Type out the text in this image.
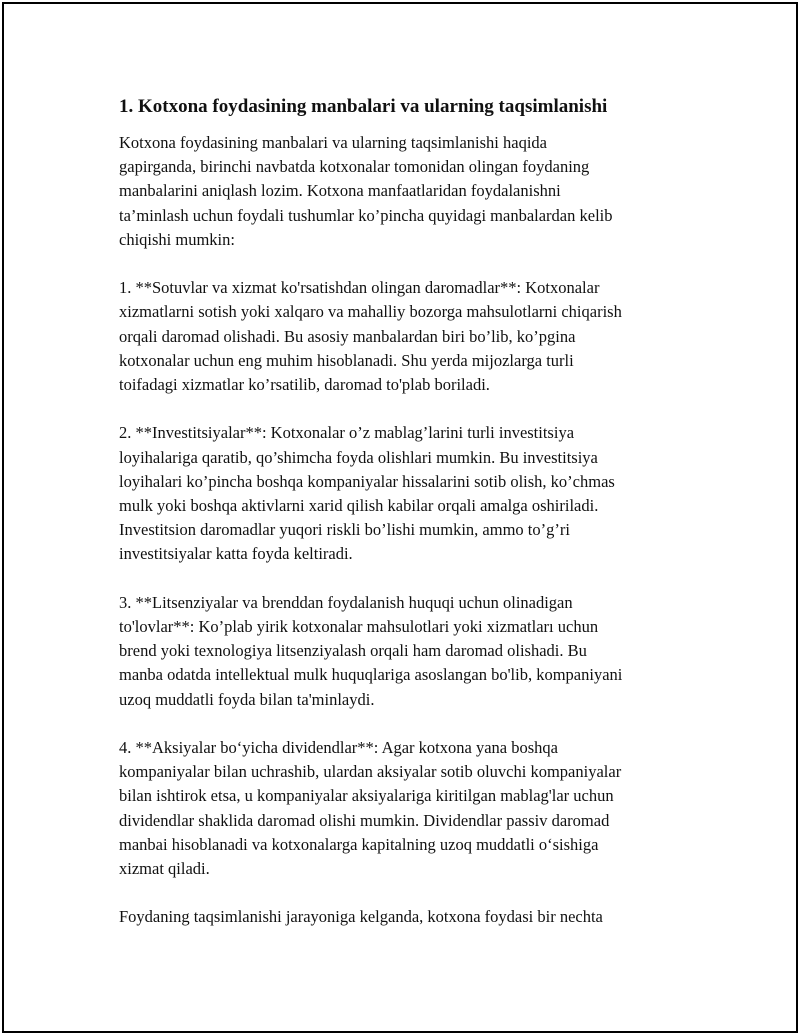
1. Kotxona foydasining manbalari va ularning taqsimlanishi

Kotxona foydasining manbalari va ularning taqsimlanishi haqida
gapirganda, birinchi navbatda kotxonalar tomonidan olingan foydaning
manbalarini aniqlash lozim. Kotxona manfaatlaridan foydalanishni
ta’minlash uchun foydali tushumlar ko’pincha quyidagi manbalardan kelib
chiqishi mumkin:

1. **Sotuvlar va xizmat ko'rsatishdan olingan daromadlar**: Kotxonalar
xizmatlarni sotish yoki xalqaro va mahalliy bozorga mahsulotlarni chiqarish
orqali daromad olishadi. Bu asosiy manbalardan biri bo’lib, ko’pgina
kotxonalar uchun eng muhim hisoblanadi. Shu yerda mijozlarga turli
toifadagi xizmatlar ko’rsatilib, daromad to'plab boriladi.

2. **Investitsiyalar**: Kotxonalar o’z mablag’larini turli investitsiya
loyihalariga qaratib, qo’shimcha foyda olishlari mumkin. Bu investitsiya
loyihalari ko’pincha boshqa kompaniyalar hissalarini sotib olish, ko’chmas
mulk yoki boshqa aktivlarni xarid qilish kabilar orqali amalga oshiriladi.
Investitsion daromadlar yuqori riskli bo’lishi mumkin, ammo to’g’ri
investitsiyalar katta foyda keltiradi.

3. **Litsenziyalar va brenddan foydalanish huquqi uchun olinadigan
to'lovlar**: Ko’plab yirik kotxonalar mahsulotlari yoki xizmatları uchun
brend yoki texnologiya litsenziyalash orqali ham daromad olishadi. Bu
manba odatda intellektual mulk huquqlariga asoslangan bo'lib, kompaniyani
uzoq muddatli foyda bilan ta'minlaydi.

4. **Aksiyalar bo‘yicha dividendlar**: Agar kotxona yana boshqa
kompaniyalar bilan uchrashib, ulardan aksiyalar sotib oluvchi kompaniyalar
bilan ishtirok etsa, u kompaniyalar aksiyalariga kiritilgan mablag'lar uchun
dividendlar shaklida daromad olishi mumkin. Dividendlar passiv daromad
manbai hisoblanadi va kotxonalarga kapitalning uzoq muddatli o‘sishiga
xizmat qiladi.

Foydaning taqsimlanishi jarayoniga kelganda, kotxona foydasi bir nechta
